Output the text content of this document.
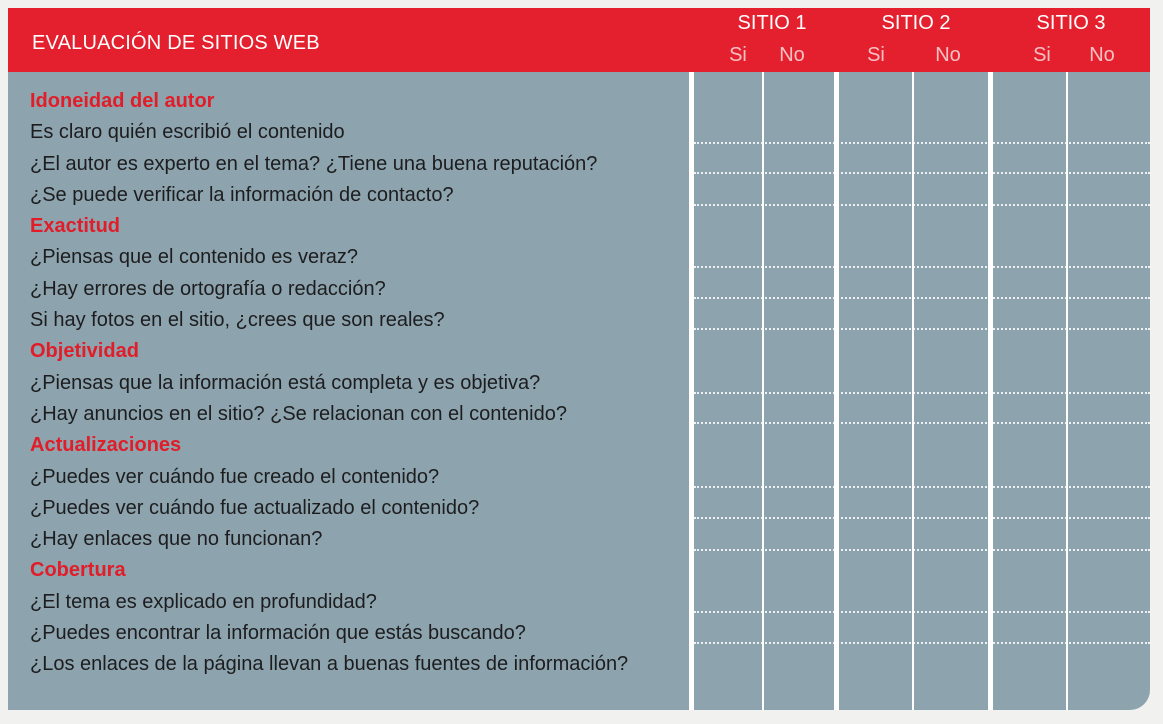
EVALUACIÓN DE SITIOS WEB
SITIO 1	SITIO 2	SITIO 3
Si	No	Si	No	Si	No
Idoneidad del autor
Es claro quién escribió el contenido
¿El autor es experto en el tema? ¿Tiene una buena reputación?
¿Se puede verificar la información de contacto?
Exactitud
¿Piensas que el contenido es veraz?
¿Hay errores de ortografía o redacción?
Si hay fotos en el sitio, ¿crees que son reales?
Objetividad
¿Piensas que la información está completa y es objetiva?
¿Hay anuncios en el sitio? ¿Se relacionan con el contenido?
Actualizaciones
¿Puedes ver cuándo fue creado el contenido?
¿Puedes ver cuándo fue actualizado el contenido?
¿Hay enlaces que no funcionan?
Cobertura
¿El tema es explicado en profundidad?
¿Puedes encontrar la información que estás buscando?
¿Los enlaces de la página llevan a buenas fuentes de información?
